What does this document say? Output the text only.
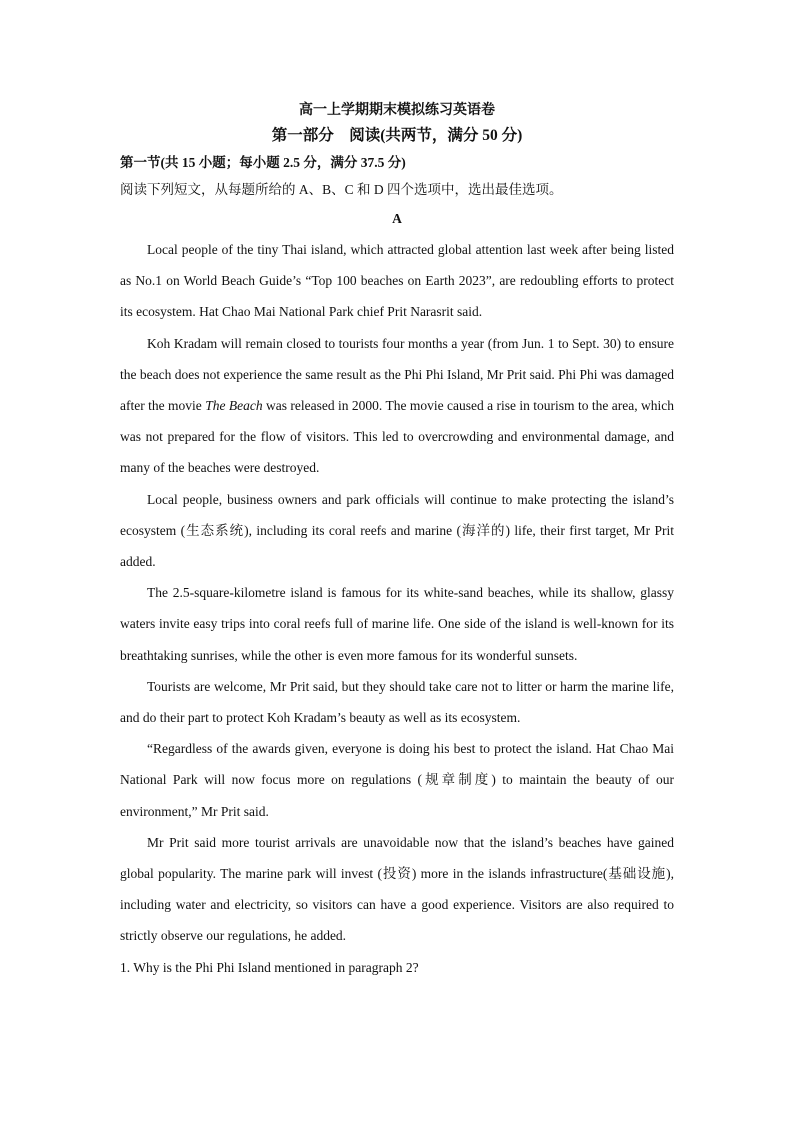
高一上学期期末模拟练习英语卷

第一部分　阅读(共两节，满分 50 分)

第一节(共 15 小题；每小题 2.5 分，满分 37.5 分)

阅读下列短文，从每题所给的 A、B、C 和 D 四个选项中，选出最佳选项。

A

Local people of the tiny Thai island, which attracted global attention last week after being listed as No.1 on World Beach Guide’s “Top 100 beaches on Earth 2023”, are redoubling efforts to protect its ecosystem. Hat Chao Mai National Park chief Prit Narasrit said.

Koh Kradam will remain closed to tourists four months a year (from Jun. 1 to Sept. 30) to ensure the beach does not experience the same result as the Phi Phi Island, Mr Prit said. Phi Phi was damaged after the movie The Beach was released in 2000. The movie caused a rise in tourism to the area, which was not prepared for the flow of visitors. This led to overcrowding and environmental damage, and many of the beaches were destroyed.

Local people, business owners and park officials will continue to make protecting the island’s ecosystem (生态系统), including its coral reefs and marine (海洋的) life, their first target, Mr Prit added.

The 2.5-square-kilometre island is famous for its white-sand beaches, while its shallow, glassy waters invite easy trips into coral reefs full of marine life. One side of the island is well-known for its breathtaking sunrises, while the other is even more famous for its wonderful sunsets.

Tourists are welcome, Mr Prit said, but they should take care not to litter or harm the marine life, and do their part to protect Koh Kradam’s beauty as well as its ecosystem.

“Regardless of the awards given, everyone is doing his best to protect the island. Hat Chao Mai National Park will now focus more on regulations (规章制度) to maintain the beauty of our environment,” Mr Prit said.

Mr Prit said more tourist arrivals are unavoidable now that the island’s beaches have gained global popularity. The marine park will invest (投资) more in the islands infrastructure(基础设施), including water and electricity, so visitors can have a good experience. Visitors are also required to strictly observe our regulations, he added.

1. Why is the Phi Phi Island mentioned in paragraph 2?
